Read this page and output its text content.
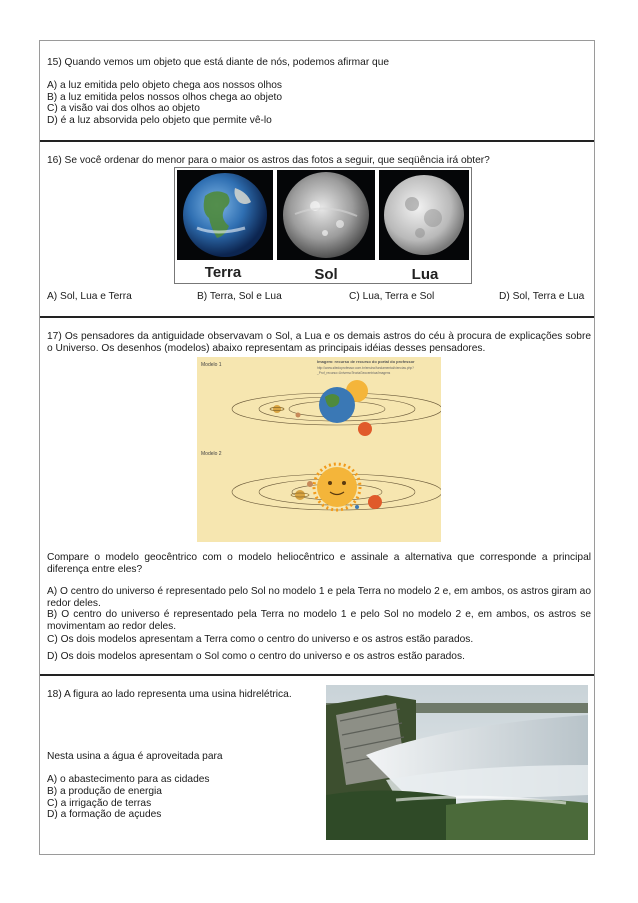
15) Quando vemos um objeto que está diante de nós, podemos afirmar que
A) a luz emitida pelo objeto chega aos nossos olhos
B) a luz emitida pelos nossos olhos chega ao objeto
C) a visão vai dos olhos ao objeto
D) é a luz absorvida pelo objeto que permite vê-lo
16) Se você ordenar do menor para o maior os astros das fotos a seguir, que seqüência irá obter?
Terra	Sol	Lua
A) Sol, Lua e Terra	B) Terra, Sol e Lua	C) Lua, Terra e Sol	D) Sol, Terra e Lua
17) Os pensadores da antiguidade observavam o Sol, a Lua e os demais astros do céu à procura de explicações sobre o Universo. Os desenhos (modelos) abaixo representam as principais idéias desses pensadores.
Modelo 1
Imagem: recurso de recurso do portal do professor
http://www.sitedoprofessor.com.br/ensino/fundamental/ciencias.php?
_Prof_recurso=UniversoTeoriaGeocentrica/imagens
Modelo 2
Compare o modelo geocêntrico com o modelo heliocêntrico e assinale a alternativa que corresponde a principal diferença entre eles?
A) O centro do universo é representado pelo Sol no modelo 1 e pela Terra no modelo 2 e, em ambos, os astros giram ao redor deles.
B) O centro do universo é representado pela Terra no modelo 1 e pelo Sol no modelo 2 e, em ambos, os astros se movimentam ao redor deles.
C) Os dois modelos apresentam a Terra como o centro do universo e os astros estão parados.
D) Os dois modelos apresentam o Sol como o centro do universo e os astros estão parados.
18) A figura ao lado representa uma usina hidrelétrica.
Nesta usina a água é aproveitada para
A) o abastecimento para as cidades
B) a produção de energia
C) a irrigação de terras
D) a formação de açudes
